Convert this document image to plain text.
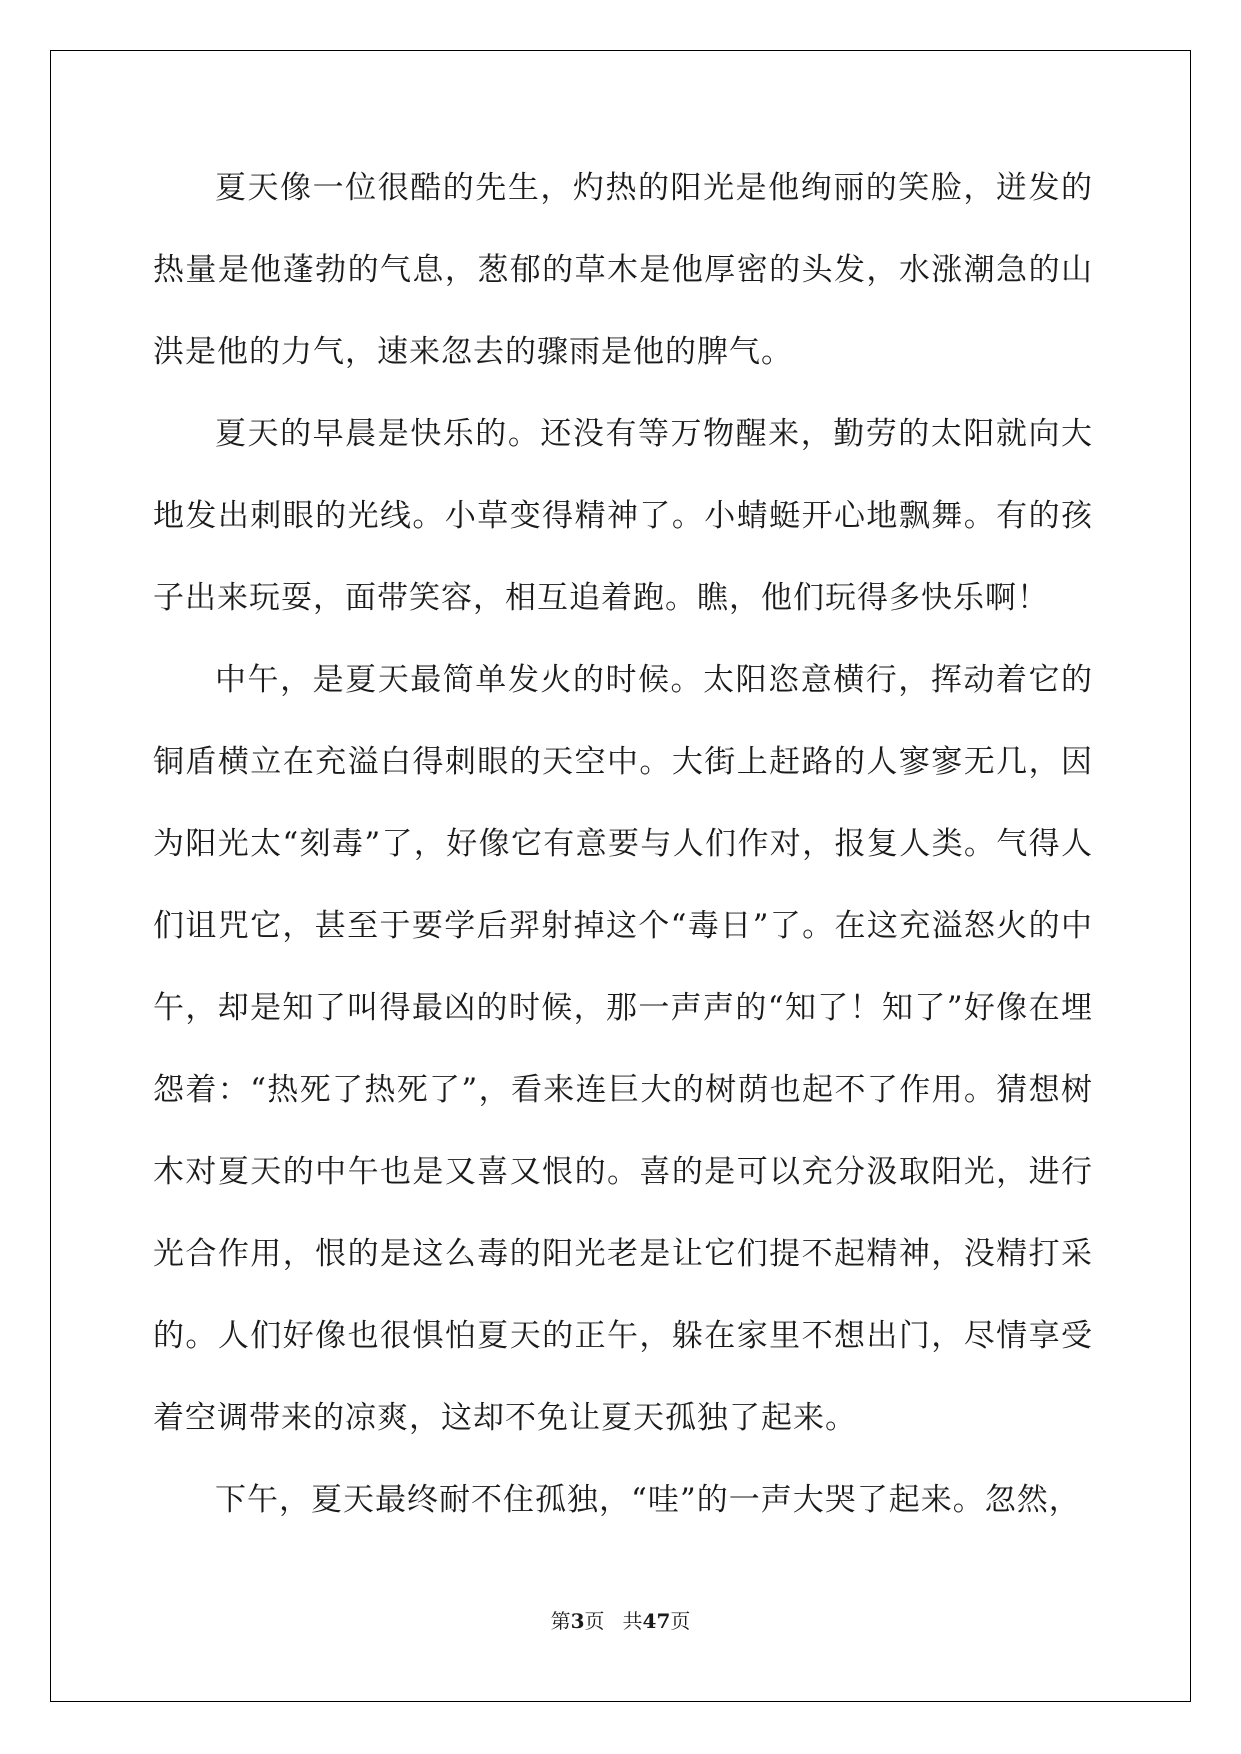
夏天像一位很酷的先生，灼热的阳光是他绚丽的笑脸，迸发的热量是他蓬勃的气息，葱郁的草木是他厚密的头发，水涨潮急的山洪是他的力气，速来忽去的骤雨是他的脾气。

夏天的早晨是快乐的。还没有等万物醒来，勤劳的太阳就向大地发出刺眼的光线。小草变得精神了。小蜻蜓开心地飘舞。有的孩子出来玩耍，面带笑容，相互追着跑。瞧，他们玩得多快乐啊！

中午，是夏天最简单发火的时候。太阳恣意横行，挥动着它的铜盾横立在充溢白得刺眼的天空中。大街上赶路的人寥寥无几，因为阳光太“刻毒”了，好像它有意要与人们作对，报复人类。气得人们诅咒它，甚至于要学后羿射掉这个“毒日”了。在这充溢怒火的中午，却是知了叫得最凶的时候，那一声声的“知了！知了”好像在埋怨着：“热死了热死了”，看来连巨大的树荫也起不了作用。猜想树木对夏天的中午也是又喜又恨的。喜的是可以充分汲取阳光，进行光合作用，恨的是这么毒的阳光老是让它们提不起精神，没精打采的。人们好像也很惧怕夏天的正午，躲在家里不想出门，尽情享受着空调带来的凉爽，这却不免让夏天孤独了起来。

下午，夏天最终耐不住孤独，“哇”的一声大哭了起来。忽然，

第3页 共47页
